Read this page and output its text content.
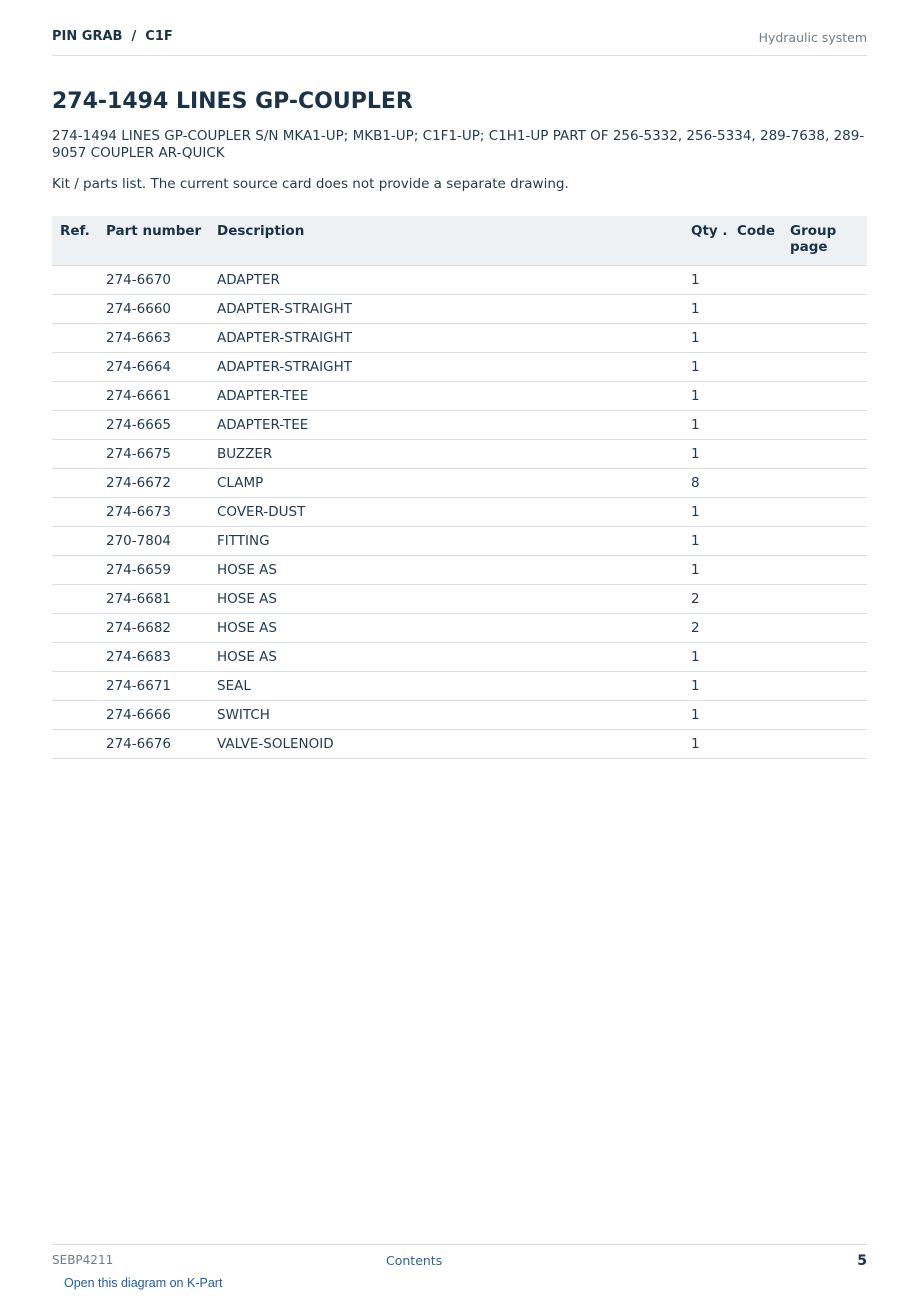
PIN GRAB  /  C1F	Hydraulic system
274-1494 LINES GP-COUPLER
274-1494 LINES GP-COUPLER S/N MKA1-UP; MKB1-UP; C1F1-UP; C1H1-UP PART OF 256-5332, 256-5334, 289-7638, 289-9057 COUPLER AR-QUICK
Kit / parts list. The current source card does not provide a separate drawing.
Ref.	Part number	Description	Qty .	Code	Group page
	274-6670	ADAPTER	1		
	274-6660	ADAPTER-STRAIGHT	1		
	274-6663	ADAPTER-STRAIGHT	1		
	274-6664	ADAPTER-STRAIGHT	1		
	274-6661	ADAPTER-TEE	1		
	274-6665	ADAPTER-TEE	1		
	274-6675	BUZZER	1		
	274-6672	CLAMP	8		
	274-6673	COVER-DUST	1		
	270-7804	FITTING	1		
	274-6659	HOSE AS	1		
	274-6681	HOSE AS	2		
	274-6682	HOSE AS	2		
	274-6683	HOSE AS	1		
	274-6671	SEAL	1		
	274-6666	SWITCH	1		
	274-6676	VALVE-SOLENOID	1		
SEBP4211	Contents	5
Open this diagram on K-Part
